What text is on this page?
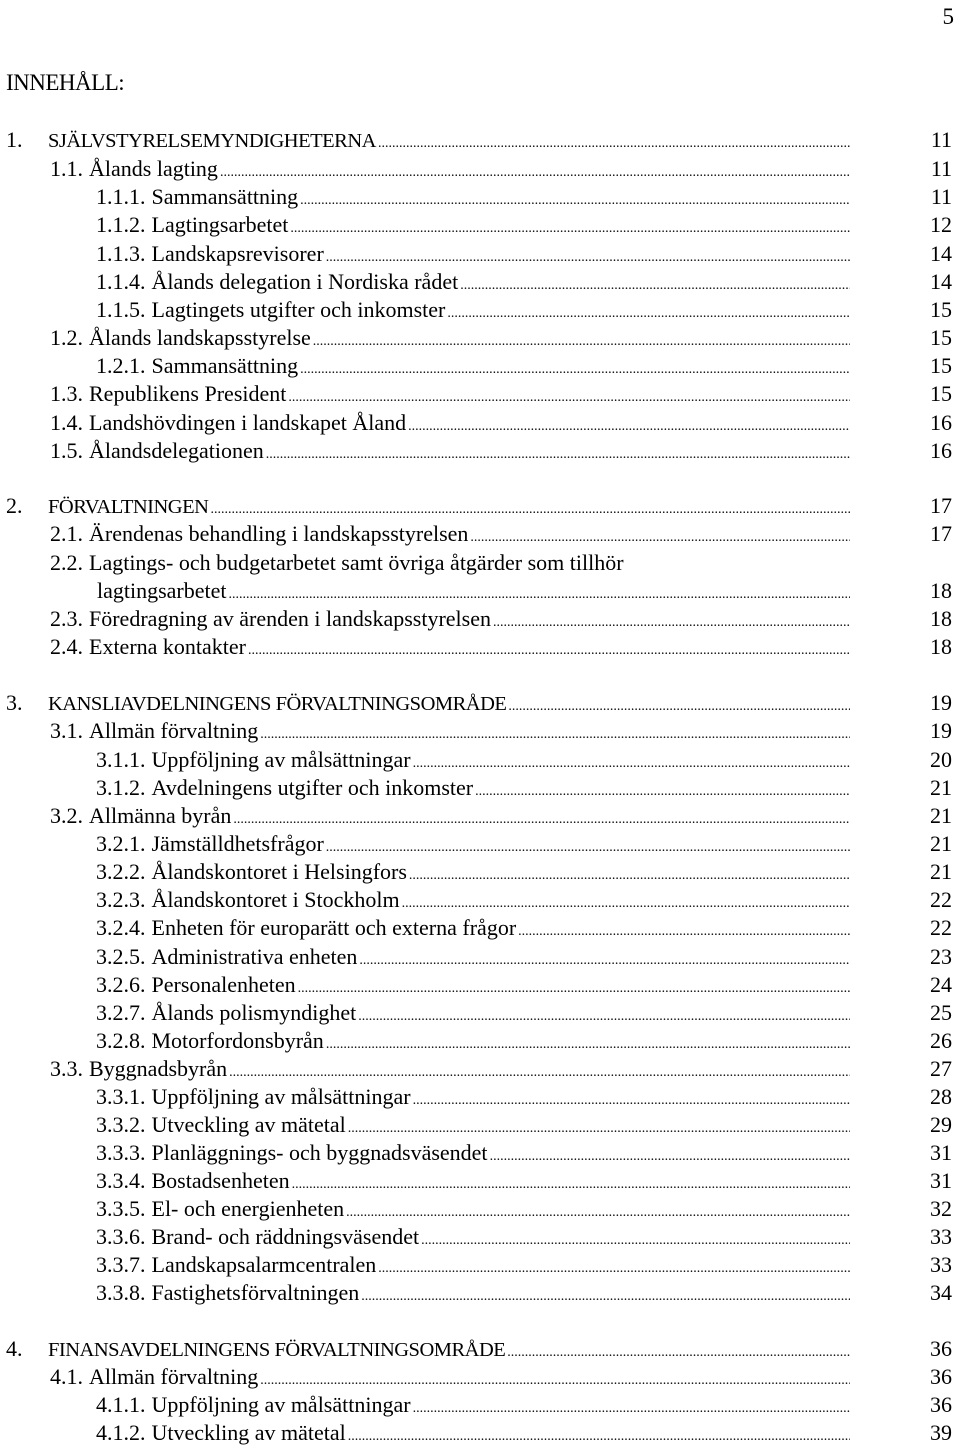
5
INNEHÅLL:
1.	SJÄLVSTYRELSEMYNDIGHETERNA .....	11
1.1. Ålands lagting .....	11
1.1.1. Sammansättning .....	11
1.1.2. Lagtingsarbetet .....	12
1.1.3. Landskapsrevisorer .....	14
1.1.4. Ålands delegation i Nordiska rådet .....	14
1.1.5. Lagtingets utgifter och inkomster .....	15
1.2. Ålands landskapsstyrelse .....	15
1.2.1. Sammansättning .....	15
1.3. Republikens President .....	15
1.4. Landshövdingen i landskapet Åland .....	16
1.5. Ålandsdelegationen .....	16
2.	FÖRVALTNINGEN .....	17
2.1. Ärendenas behandling i landskapsstyrelsen .....	17
2.2. Lagtings- och budgetarbetet samt övriga åtgärder som tillhör
lagtingsarbetet .....	18
2.3. Föredragning av ärenden i landskapsstyrelsen .....	18
2.4. Externa kontakter .....	18
3.	KANSLIAVDELNINGENS FÖRVALTNINGSOMRÅDE .....	19
3.1. Allmän förvaltning .....	19
3.1.1. Uppföljning av målsättningar .....	20
3.1.2. Avdelningens utgifter och inkomster .....	21
3.2. Allmänna byrån .....	21
3.2.1. Jämställdhetsfrågor .....	21
3.2.2. Ålandskontoret i Helsingfors .....	21
3.2.3. Ålandskontoret i Stockholm .....	22
3.2.4. Enheten för europarätt och externa frågor .....	22
3.2.5. Administrativa enheten .....	23
3.2.6. Personalenheten .....	24
3.2.7. Ålands polismyndighet .....	25
3.2.8. Motorfordonsbyrån .....	26
3.3. Byggnadsbyrån .....	27
3.3.1. Uppföljning av målsättningar .....	28
3.3.2. Utveckling av mätetal .....	29
3.3.3. Planläggnings- och byggnadsväsendet .....	31
3.3.4. Bostadsenheten .....	31
3.3.5. El- och energienheten .....	32
3.3.6. Brand- och räddningsväsendet .....	33
3.3.7. Landskapsalarmcentralen .....	33
3.3.8. Fastighetsförvaltningen .....	34
4.	FINANSAVDELNINGENS FÖRVALTNINGSOMRÅDE .....	36
4.1. Allmän förvaltning .....	36
4.1.1. Uppföljning av målsättningar .....	36
4.1.2. Utveckling av mätetal .....	39
